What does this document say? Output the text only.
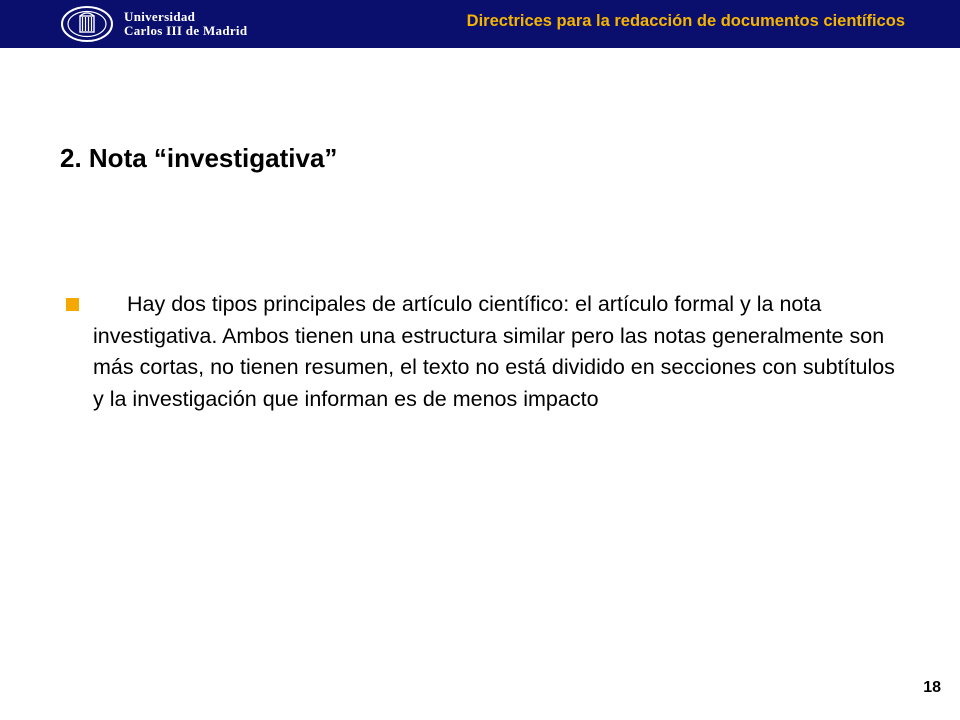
Universidad
Carlos III de Madrid
Directrices para la redacción de documentos científicos
2. Nota “investigativa”

Hay dos tipos principales de artículo científico: el artículo formal y la nota investigativa. Ambos tienen una estructura similar pero las notas generalmente son más cortas, no tienen resumen, el texto no está dividido en secciones con subtítulos y la investigación que informan es de menos impacto

18
